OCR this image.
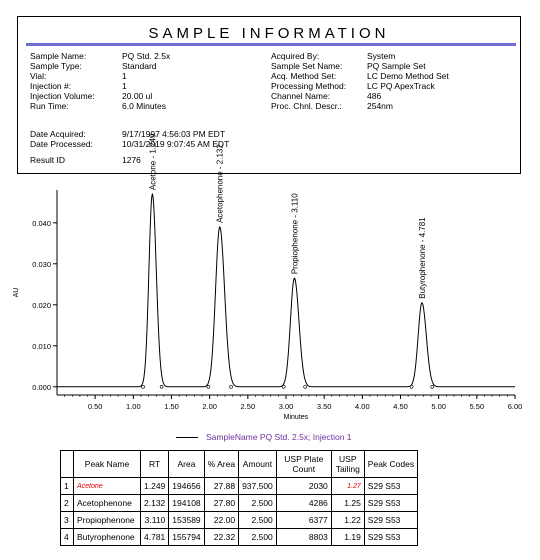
SAMPLE INFORMATION
Sample Name:	PQ Std. 2.5x
Sample Type:	Standard
Vial:	1
Injection #:	1
Injection Volume:	20.00 ul
Run Time:	6.0 Minutes
Date Acquired:	9/17/1997 4:56:03 PM EDT
Date Processed:	10/31/2019 9:07:45 AM EDT
Result ID	1276
Acquired By:	System
Sample Set Name:	PQ Sample Set
Acq. Method Set:	LC Demo Method Set
Processing Method: LC PQ ApexTrack
Channel Name:	486
Proc. Chnl. Descr.:	254nm
0.000
0.010
0.020
0.030
0.040
0.50	1.00	1.50	2.00	2.50	3.00	3.50	4.00	4.50	5.00	5.50	6.00
Minutes
AU
Acetone - 1.249	Acetophenone - 2.132
Propiophenone - 3.110	Butyrophenone - 4.781
SampleName PQ Std. 2.5x; Injection 1
	Peak Name	RT	Area	% Area	Amount	USP Plate Count	USP Tailing	Peak Codes
1	Acetone	1.249	194656	27.88	937.500	2030	1.27	S29 S53
2	Acetophenone	2.132	194108	27.80	2.500	4286	1.25	S29 S53
3	Propiophenone	3.110	153589	22.00	2.500	6377	1.22	S29 S53
4	Butyrophenone	4.781	155794	22.32	2.500	8803	1.19	S29 S53
